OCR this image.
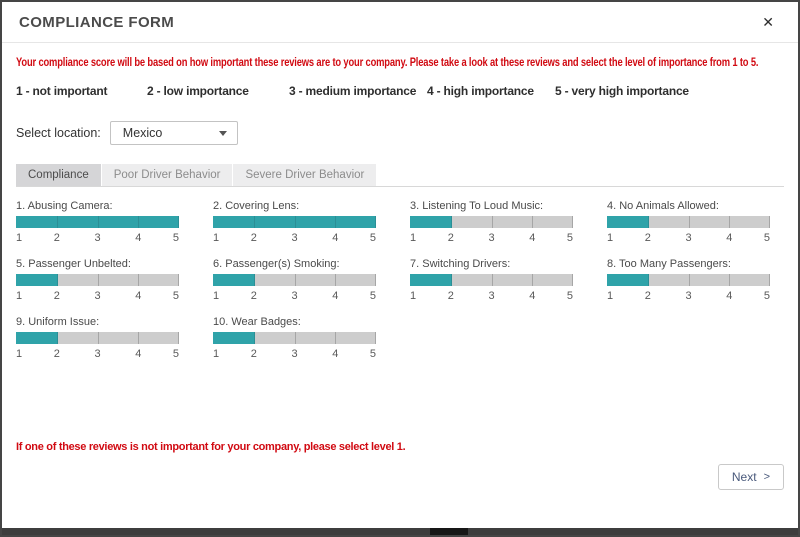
COMPLIANCE FORM	✕

Your compliance score will be based on how important these reviews are to your company. Please take a look at these reviews and select the level of importance from 1 to 5.

1 - not important	2 - low importance	3 - medium importance 4 - high importance 5 - very high importance
Select location: Mexico
Compliance	Poor Driver Behavior	Severe Driver Behavior
1. Abusing Camera:
1	2	3	4	5
2. Covering Lens:
1	2	3	4	5
3. Listening To Loud Music:
1	2	3	4	5
4. No Animals Allowed:
1	2	3	4	5
5. Passenger Unbelted:
1	2	3	4	5
6. Passenger(s) Smoking:
1	2	3	4	5
7. Switching Drivers:
1	2	3	4	5
8. Too Many Passengers:
1	2	3	4	5
9. Uniform Issue:
1	2	3	4	5
10. Wear Badges:
1	2	3	4	5

If one of these reviews is not important for your company, please select level 1.

Next >
